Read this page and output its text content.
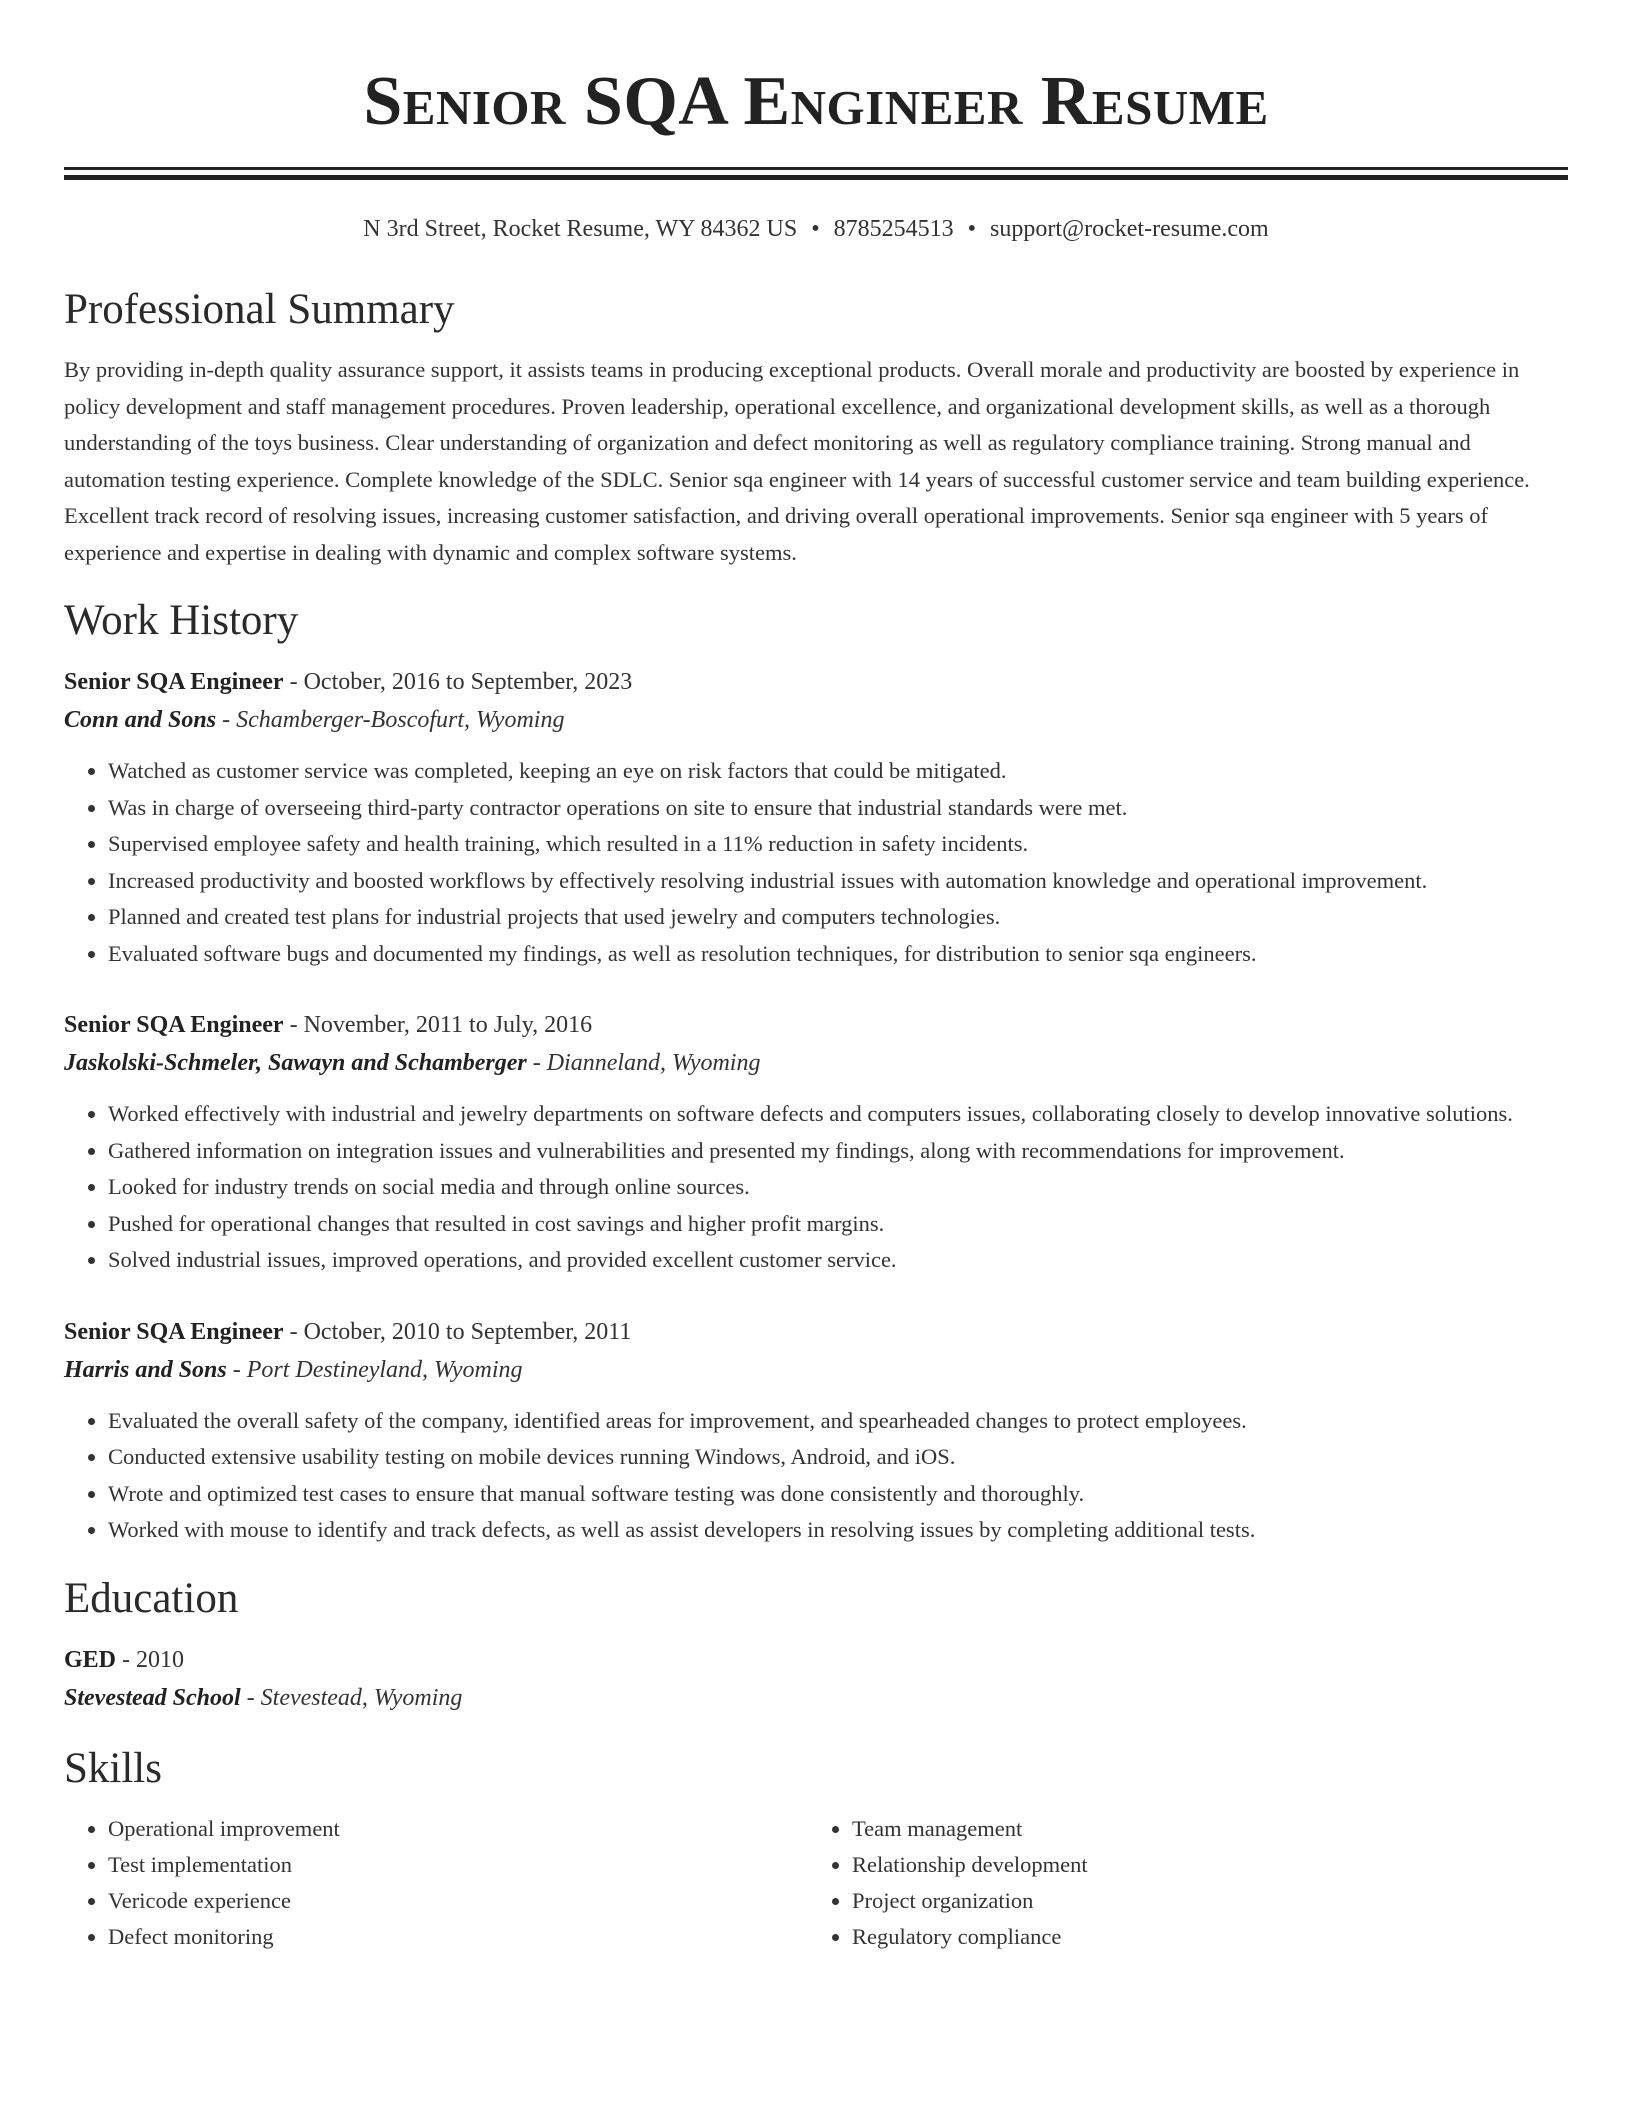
Senior SQA Engineer Resume
N 3rd Street, Rocket Resume, WY 84362 US • 8785254513 • support@rocket-resume.com
Professional Summary

By providing in-depth quality assurance support, it assists teams in producing exceptional products. Overall morale and productivity are boosted by experience in policy development and staff management procedures. Proven leadership, operational excellence, and organizational development skills, as well as a thorough understanding of the toys business. Clear understanding of organization and defect monitoring as well as regulatory compliance training. Strong manual and automation testing experience. Complete knowledge of the SDLC. Senior sqa engineer with 14 years of successful customer service and team building experience. Excellent track record of resolving issues, increasing customer satisfaction, and driving overall operational improvements. Senior sqa engineer with 5 years of experience and expertise in dealing with dynamic and complex software systems.

Work History
Senior SQA Engineer - October, 2016 to September, 2023
Conn and Sons - Schamberger-Boscofurt, Wyoming
• Watched as customer service was completed, keeping an eye on risk factors that could be mitigated.
• Was in charge of overseeing third-party contractor operations on site to ensure that industrial standards were met.
• Supervised employee safety and health training, which resulted in a 11% reduction in safety incidents.
• Increased productivity and boosted workflows by effectively resolving industrial issues with automation knowledge and operational improvement.
• Planned and created test plans for industrial projects that used jewelry and computers technologies.
• Evaluated software bugs and documented my findings, as well as resolution techniques, for distribution to senior sqa engineers.
Senior SQA Engineer - November, 2011 to July, 2016
Jaskolski-Schmeler, Sawayn and Schamberger - Dianneland, Wyoming
• Worked effectively with industrial and jewelry departments on software defects and computers issues, collaborating closely to develop innovative solutions.
• Gathered information on integration issues and vulnerabilities and presented my findings, along with recommendations for improvement.
• Looked for industry trends on social media and through online sources.
• Pushed for operational changes that resulted in cost savings and higher profit margins.
• Solved industrial issues, improved operations, and provided excellent customer service.
Senior SQA Engineer - October, 2010 to September, 2011
Harris and Sons - Port Destineyland, Wyoming
• Evaluated the overall safety of the company, identified areas for improvement, and spearheaded changes to protect employees.
• Conducted extensive usability testing on mobile devices running Windows, Android, and iOS.
• Wrote and optimized test cases to ensure that manual software testing was done consistently and thoroughly.
• Worked with mouse to identify and track defects, as well as assist developers in resolving issues by completing additional tests.
Education
GED - 2010
Stevestead School - Stevestead, Wyoming
Skills
• Operational improvement
• Test implementation
• Vericode experience
• Defect monitoring
• Team management
• Relationship development
• Project organization
• Regulatory compliance
